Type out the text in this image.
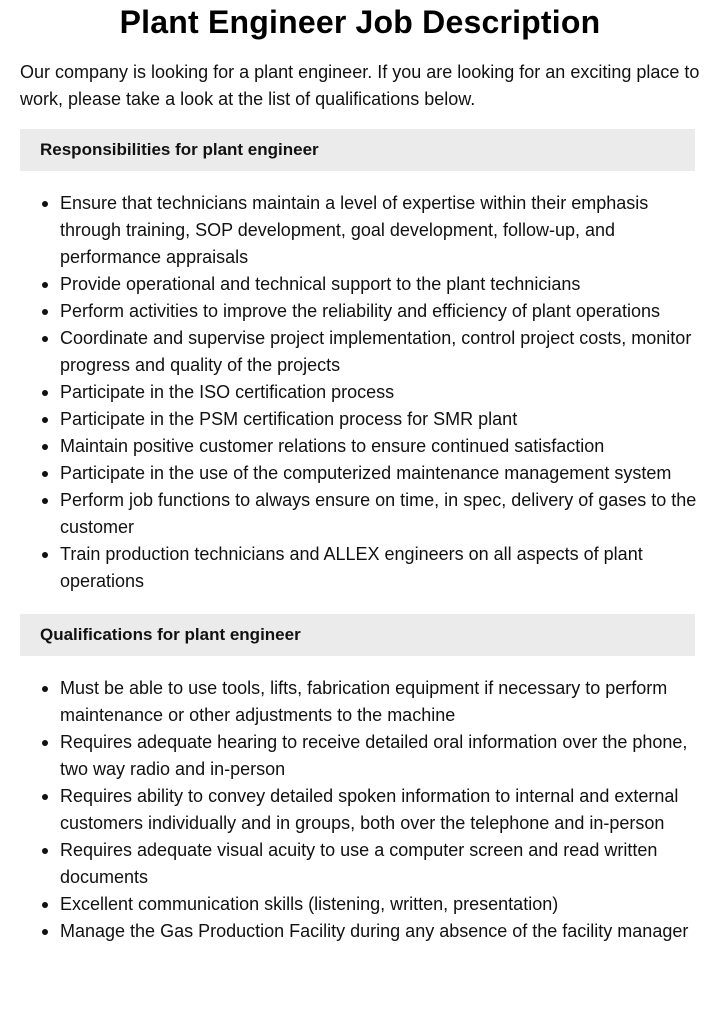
Plant Engineer Job Description

Our company is looking for a plant engineer. If you are looking for an exciting place to work, please take a look at the list of qualifications below.

Responsibilities for plant engineer
Ensure that technicians maintain a level of expertise within their emphasis through training, SOP development, goal development, follow-up, and performance appraisals
Provide operational and technical support to the plant technicians
Perform activities to improve the reliability and efficiency of plant operations
Coordinate and supervise project implementation, control project costs, monitor progress and quality of the projects
Participate in the ISO certification process
Participate in the PSM certification process for SMR plant
Maintain positive customer relations to ensure continued satisfaction
Participate in the use of the computerized maintenance management system
Perform job functions to always ensure on time, in spec, delivery of gases to the customer
Train production technicians and ALLEX engineers on all aspects of plant operations
Qualifications for plant engineer
Must be able to use tools, lifts, fabrication equipment if necessary to perform maintenance or other adjustments to the machine
Requires adequate hearing to receive detailed oral information over the phone, two way radio and in-person
Requires ability to convey detailed spoken information to internal and external customers individually and in groups, both over the telephone and in-person
Requires adequate visual acuity to use a computer screen and read written documents
Excellent communication skills (listening, written, presentation)
Manage the Gas Production Facility during any absence of the facility manager
